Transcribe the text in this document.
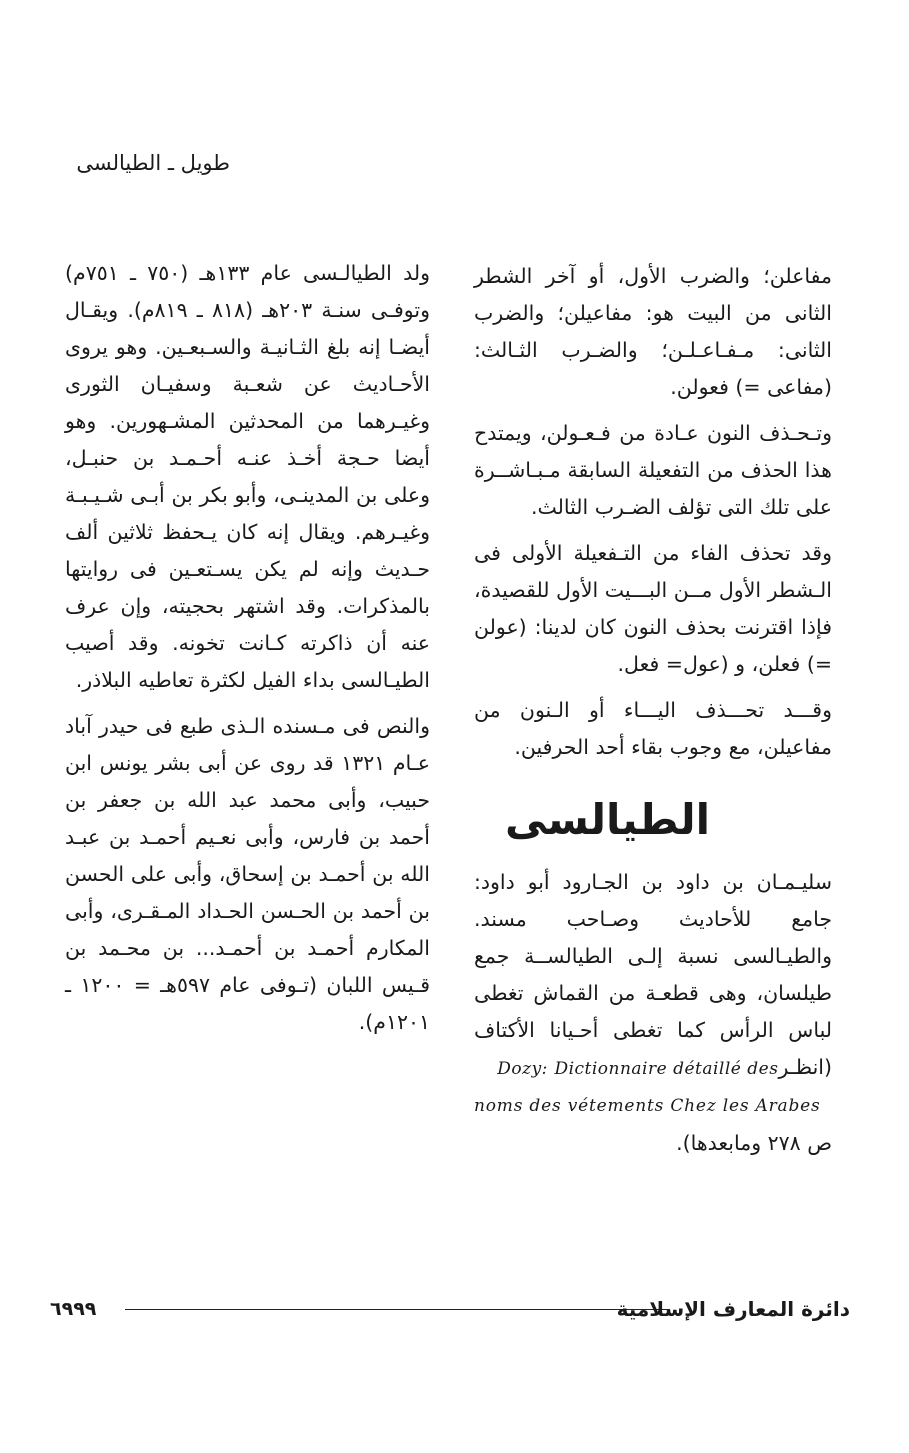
طويل ـ الطيالسى

مفاعلن؛ والضرب الأول، أو آخر الشطر الثانى من البيت هو: مفاعيلن؛ والضرب الثانى: مـفـاعـلـن؛ والضـرب الثـالث: (مفاعى =) فعولن.

وتـحـذف النون عـادة من فـعـولن، ويمتدح هذا الحذف من التفعيلة السابقة مـبـاشــرة على تلك التى تؤلف الضـرب الثالث.

وقد تحذف الفاء من التـفعيلة الأولى فى الـشطر الأول مــن البـــيت الأول للقصيدة، فإذا اقترنت بحذف النون كان لدينا: (عولن =) فعلن، و (عول= فعل.

وقـــد تحـــذف اليـــاء أو الـنون من مفاعيلن، مع وجوب بقاء أحد الحرفين.

الطيالسى

سليـمـان بن داود بن الجـارود أبو داود: جامع للأحاديث وصـاحب مسند. والطيـالسى نسبة إلـى الطيالســة جمع طيلسان، وهى قطعـة من القماش تغطى لباس الرأس كما تغطى أحـيانا الأكتاف (انظـرDozy: Dictionnaire détaillé des
noms des vétements Chez les Arabes
ص ٢٧٨ ومابعدها).

ولد الطيالـسى عام ١٣٣هـ (٧٥٠ ـ ٧٥١م) وتوفـى سنـة ٢٠٣هـ (٨١٨ ـ ٨١٩م). ويقـال أيضـا إنه بلغ الثـانيـة والسـبعـين. وهو يروى الأحـاديث عن شعـبة وسفيـان الثورى وغيـرهما من المحدثين المشـهورين. وهو أيضا حـجة أخـذ عنـه أحـمـد بن حنبـل، وعلى بن المدينـى، وأبو بكر بن أبـى شـيـبـة وغيـرهم. ويقال إنه كان يـحفظ ثلاثين ألف حـديث وإنه لم يكن يسـتعـين فى روايتها بالمذكرات. وقد اشتهر بحجيته، وإن عرف عنه أن ذاكرته كـانت تخونه. وقد أصيب الطيـالسى بداء الفيل لكثرة تعاطيه البلاذر.

والنص فى مـسنده الـذى طبع فى حيدر آباد عـام ١٣٢١ قد روى عن أبى بشر يونس ابن حبيب، وأبى محمد عبد الله بن جعفر بن أحمد بن فارس، وأبى نعـيم أحمـد بن عبـد الله بن أحمـد بن إسحاق، وأبى على الحسن بن أحمد بن الحـسن الحـداد المـقـرى، وأبى المكارم أحمـد بن أحمـد... بن محـمد بن قـيس اللبان (تـوفى عام ٥٩٧هـ = ١٢٠٠ ـ ١٢٠١م).

٦٩٩٩	دائرة المعارف الإسلامية
